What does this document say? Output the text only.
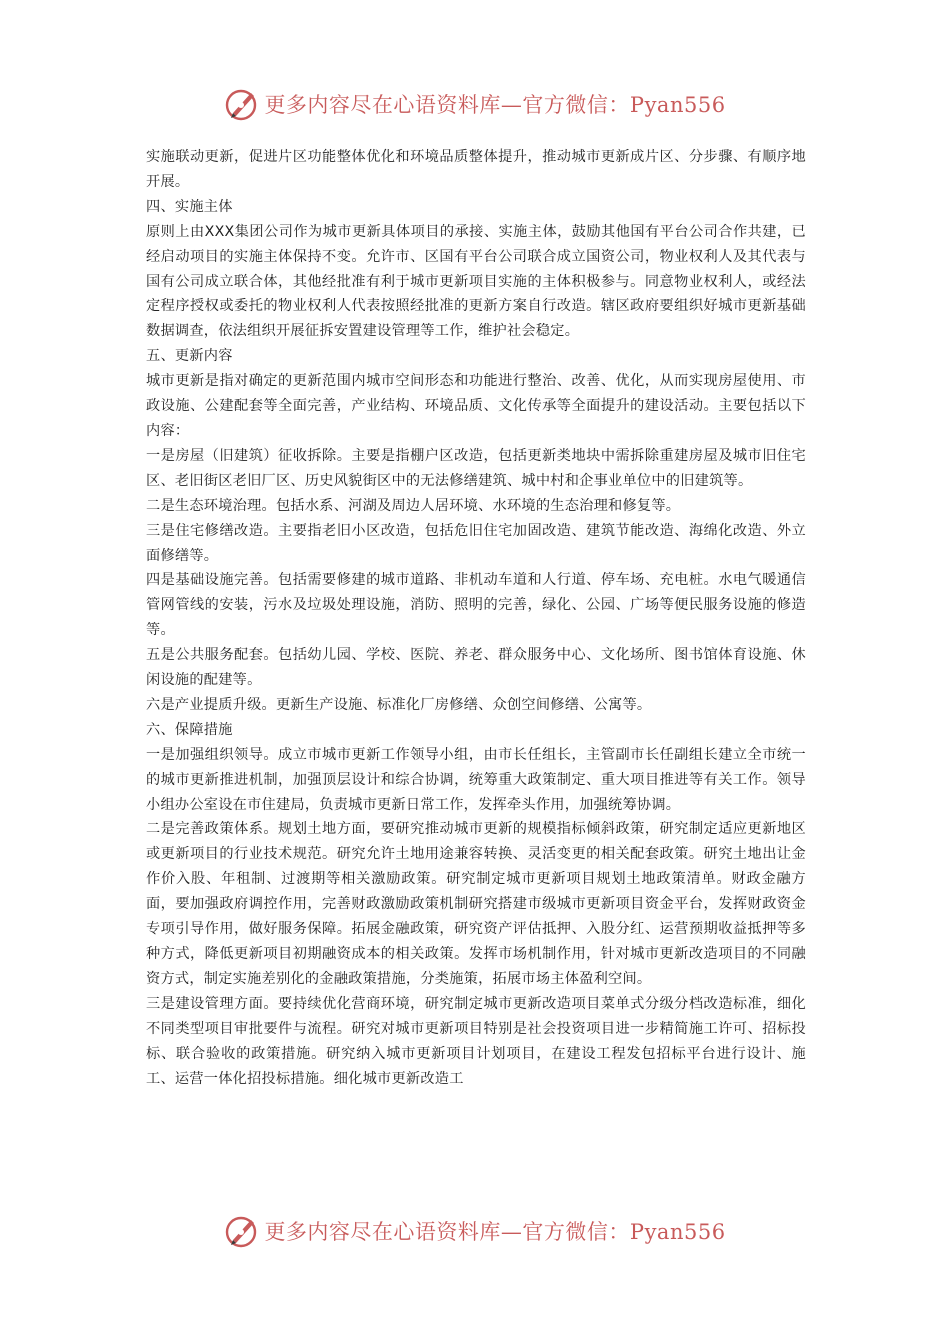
更多内容尽在心语资料库—官方微信：Pyan556

实施联动更新，促进片区功能整体优化和环境品质整体提升，推动城市更新成片区、分步骤、有顺序地开展。

四、实施主体

原则上由XXX集团公司作为城市更新具体项目的承接、实施主体，鼓励其他国有平台公司合作共建，已经启动项目的实施主体保持不变。允许市、区国有平台公司联合成立国资公司，物业权利人及其代表与国有公司成立联合体，其他经批准有利于城市更新项目实施的主体积极参与。同意物业权利人，或经法定程序授权或委托的物业权利人代表按照经批准的更新方案自行改造。辖区政府要组织好城市更新基础数据调查，依法组织开展征拆安置建设管理等工作，维护社会稳定。

五、更新内容

城市更新是指对确定的更新范围内城市空间形态和功能进行整治、改善、优化，从而实现房屋使用、市政设施、公建配套等全面完善，产业结构、环境品质、文化传承等全面提升的建设活动。主要包括以下内容：

一是房屋（旧建筑）征收拆除。主要是指棚户区改造，包括更新类地块中需拆除重建房屋及城市旧住宅区、老旧街区老旧厂区、历史风貌街区中的无法修缮建筑、城中村和企事业单位中的旧建筑等。

二是生态环境治理。包括水系、河湖及周边人居环境、水环境的生态治理和修复等。

三是住宅修缮改造。主要指老旧小区改造，包括危旧住宅加固改造、建筑节能改造、海绵化改造、外立面修缮等。

四是基础设施完善。包括需要修建的城市道路、非机动车道和人行道、停车场、充电桩。水电气暖通信管网管线的安装，污水及垃圾处理设施，消防、照明的完善，绿化、公园、广场等便民服务设施的修造等。

五是公共服务配套。包括幼儿园、学校、医院、养老、群众服务中心、文化场所、图书馆体育设施、休闲设施的配建等。

六是产业提质升级。更新生产设施、标准化厂房修缮、众创空间修缮、公寓等。

六、保障措施

一是加强组织领导。成立市城市更新工作领导小组，由市长任组长，主管副市长任副组长建立全市统一的城市更新推进机制，加强顶层设计和综合协调，统筹重大政策制定、重大项目推进等有关工作。领导小组办公室设在市住建局，负责城市更新日常工作，发挥牵头作用，加强统筹协调。

二是完善政策体系。规划土地方面，要研究推动城市更新的规模指标倾斜政策，研究制定适应更新地区或更新项目的行业技术规范。研究允许土地用途兼容转换、灵活变更的相关配套政策。研究土地出让金作价入股、年租制、过渡期等相关激励政策。研究制定城市更新项目规划土地政策清单。财政金融方面，要加强政府调控作用，完善财政激励政策机制研究搭建市级城市更新项目资金平台，发挥财政资金专项引导作用，做好服务保障。拓展金融政策，研究资产评估抵押、入股分红、运营预期收益抵押等多种方式，降低更新项目初期融资成本的相关政策。发挥市场机制作用，针对城市更新改造项目的不同融资方式，制定实施差别化的金融政策措施，分类施策，拓展市场主体盈利空间。

三是建设管理方面。要持续优化营商环境，研究制定城市更新改造项目菜单式分级分档改造标准，细化不同类型项目审批要件与流程。研究对城市更新项目特别是社会投资项目进一步精简施工许可、招标投标、联合验收的政策措施。研究纳入城市更新项目计划项目，在建设工程发包招标平台进行设计、施工、运营一体化招投标措施。细化城市更新改造工

更多内容尽在心语资料库—官方微信：Pyan556
